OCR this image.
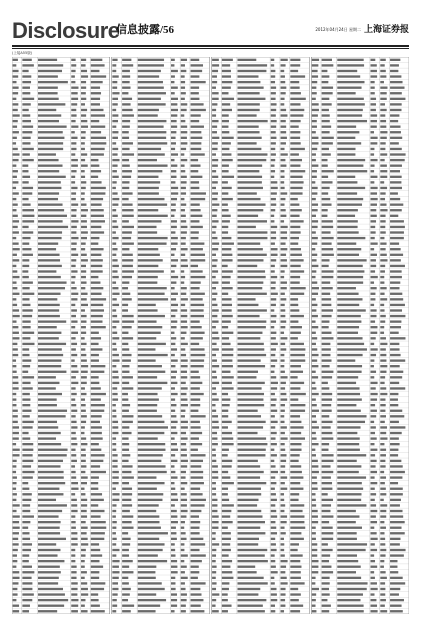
Disclosure
信息披露/56	2012年04月24日 星期二 上海证券报
(上接A55版)
